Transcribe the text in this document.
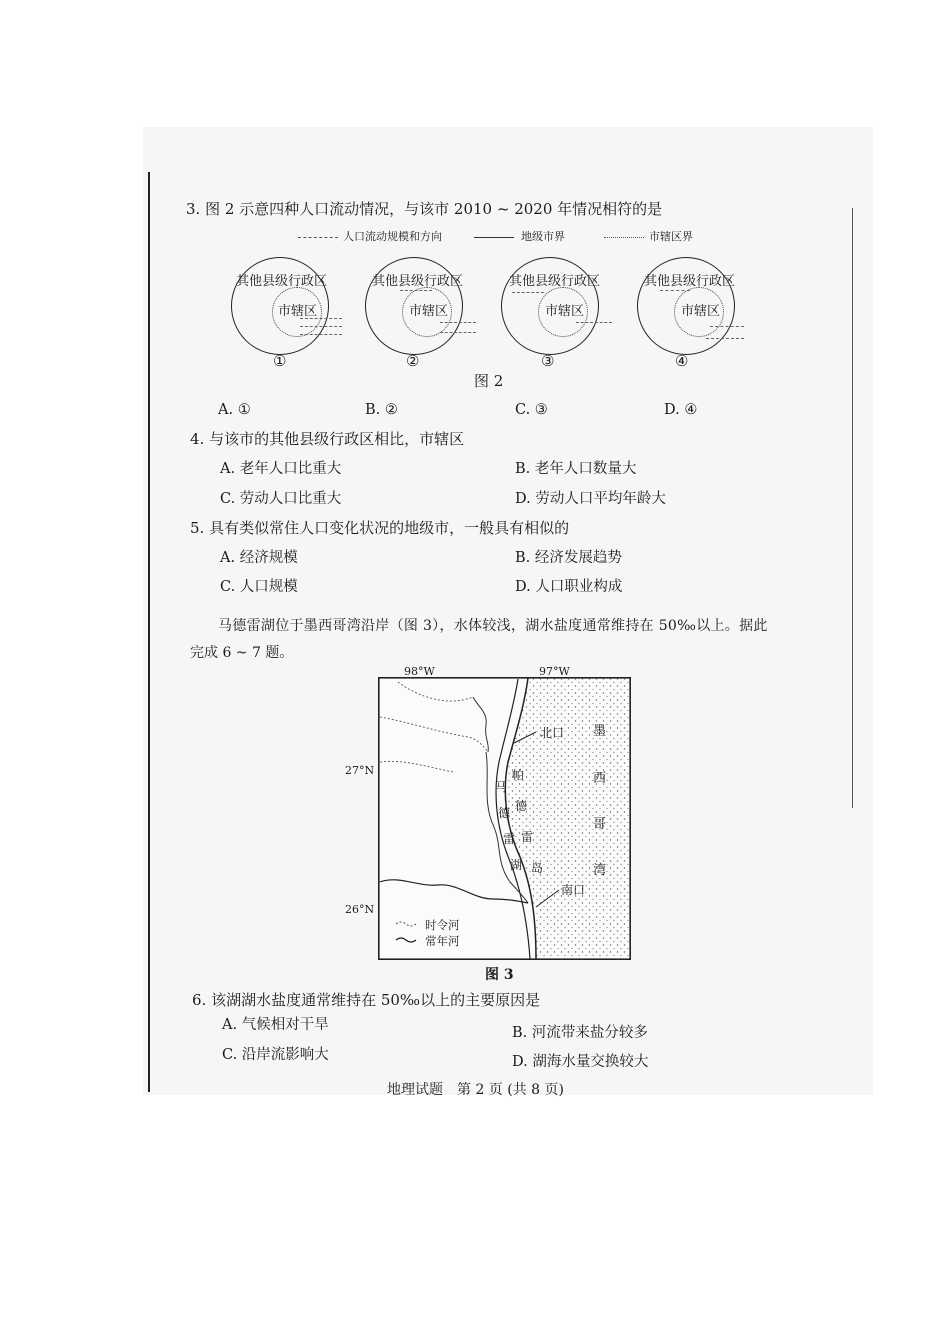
3. 图 2 示意四种人口流动情况，与该市 2010 ~ 2020 年情况相符的是
人口流动规模和方向	地级市界	市辖区界
其他县级行政区
市辖区
①
其他县级行政区
市辖区
②
其他县级行政区
市辖区
③
其他县级行政区
市辖区
④
图 2
A. ①	B. ②	C. ③	D. ④
4. 与该市的其他县级行政区相比，市辖区
A. 老年人口比重大	B. 老年人口数量大
C. 劳动人口比重大	D. 劳动人口平均年龄大
5. 具有类似常住人口变化状况的地级市，一般具有相似的
A. 经济规模	B. 经济发展趋势
C. 人口规模	D. 人口职业构成
马德雷湖位于墨西哥湾沿岸（图 3），水体较浅，湖水盐度通常维持在 50‰以上。据此
完成 6 ~ 7 题。
98°W	97°W
27°N
26°N
北口
南口
帕
德
雷
岛
马
德
雷
湖
墨
西
哥
湾
时令河
常年河
图 3
6. 该湖湖水盐度通常维持在 50‰以上的主要原因是
A. 气候相对干旱	B. 河流带来盐分较多
C. 沿岸流影响大	D. 湖海水量交换较大
地理试题　第 2 页 (共 8 页)
